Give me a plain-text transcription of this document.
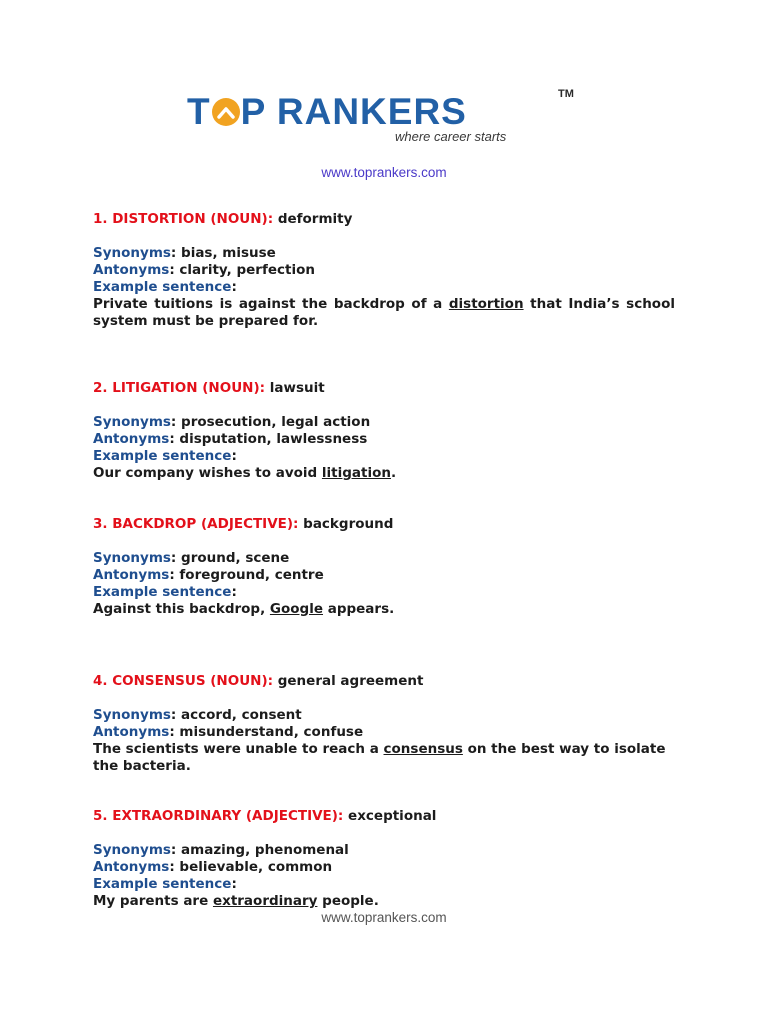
T P RANKERS	TM
where career starts
www.toprankers.com
1. DISTORTION (NOUN): deformity
Synonyms: bias, misuse
Antonyms: clarity, perfection
Example sentence:
Private tuitions is against the backdrop of a distortion that India’s school system must be prepared for.
2. LITIGATION (NOUN): lawsuit
Synonyms: prosecution, legal action
Antonyms: disputation, lawlessness
Example sentence:
Our company wishes to avoid litigation.
3. BACKDROP (ADJECTIVE): background
Synonyms: ground, scene
Antonyms: foreground, centre
Example sentence:
Against this backdrop, Google appears.
4. CONSENSUS (NOUN): general agreement
Synonyms: accord, consent
Antonyms: misunderstand, confuse
The scientists were unable to reach a consensus on the best way to isolate the bacteria.
5. EXTRAORDINARY (ADJECTIVE): exceptional
Synonyms: amazing, phenomenal
Antonyms: believable, common
Example sentence:
My parents are extraordinary people.
www.toprankers.com
